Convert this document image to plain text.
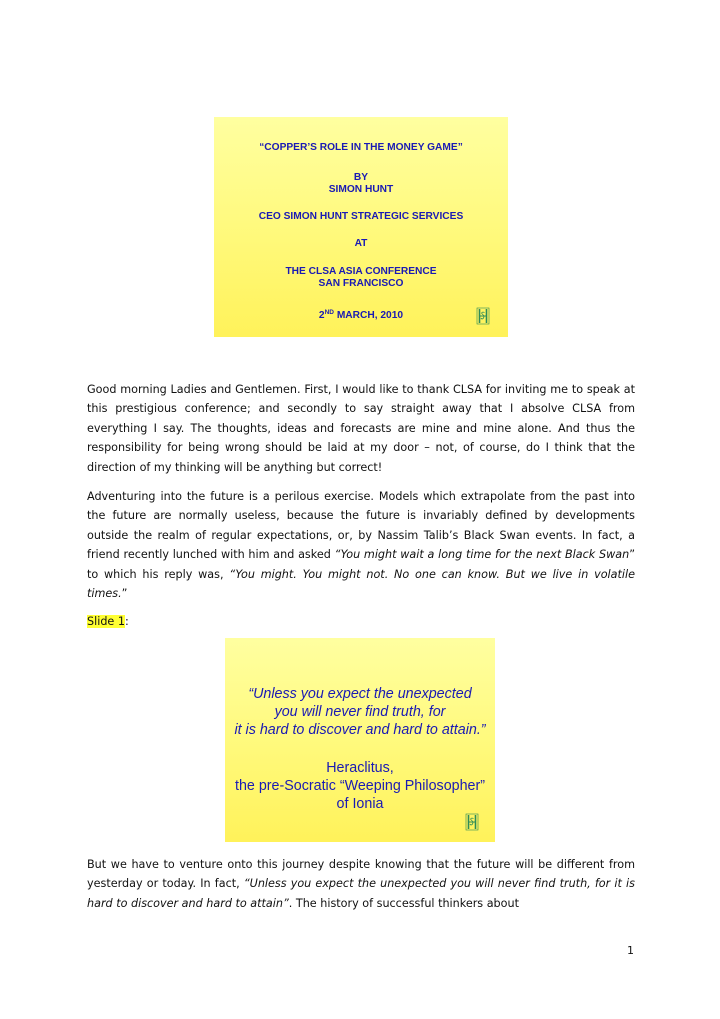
“COPPER’S ROLE IN THE MONEY GAME”
BY
SIMON HUNT
CEO SIMON HUNT STRATEGIC SERVICES
AT
THE CLSA ASIA CONFERENCE
SAN FRANCISCO
2ND MARCH, 2010
Good morning Ladies and Gentlemen. First, I would like to thank CLSA for inviting me to speak at this prestigious conference; and secondly to say straight away that I absolve CLSA from everything I say. The thoughts, ideas and forecasts are mine and mine alone. And thus the responsibility for being wrong should be laid at my door – not, of course, do I think that the direction of my thinking will be anything but correct!
Adventuring into the future is a perilous exercise. Models which extrapolate from the past into the future are normally useless, because the future is invariably defined by developments outside the realm of regular expectations, or, by Nassim Talib’s Black Swan events. In fact, a friend recently lunched with him and asked “You might wait a long time for the next Black Swan” to which his reply was, “You might. You might not. No one can know. But we live in volatile times.”
Slide 1:
“Unless you expect the unexpected
you will never find truth, for
it is hard to discover and hard to attain.”
Heraclitus,
the pre-Socratic “Weeping Philosopher”
of Ionia
But we have to venture onto this journey despite knowing that the future will be different from yesterday or today. In fact, “Unless you expect the unexpected you will never find truth, for it is hard to discover and hard to attain”. The history of successful thinkers about
1
